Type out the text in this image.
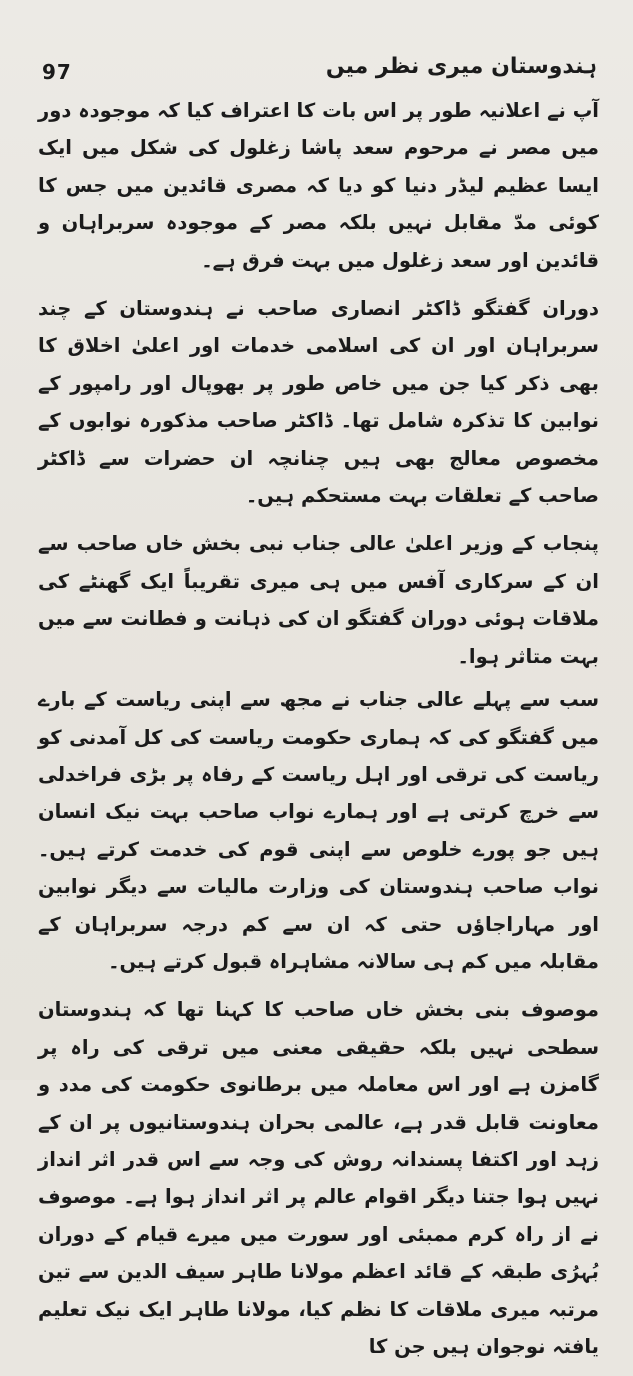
97	ہندوستان میری نظر میں

آپ نے اعلانیہ طور پر اس بات کا اعتراف کیا کہ موجودہ دور میں مصر نے مرحوم سعد پاشا زغلول کی شکل میں ایک ایسا عظیم لیڈر دنیا کو دیا کہ مصری قائدین میں جس کا کوئی مدّ مقابل نہیں بلکہ مصر کے موجودہ سربراہان و قائدین اور سعد زغلول میں بہت فرق ہے۔

دوران گفتگو ڈاکٹر انصاری صاحب نے ہندوستان کے چند سربراہان اور ان کی اسلامی خدمات اور اعلیٰ اخلاق کا بھی ذکر کیا جن میں خاص طور پر بھوپال اور رامپور کے نوابین کا تذکرہ شامل تھا۔ ڈاکٹر صاحب مذکورہ نوابوں کے مخصوص معالج بھی ہیں چنانچہ ان حضرات سے ڈاکٹر صاحب کے تعلقات بہت مستحکم ہیں۔

پنجاب کے وزیر اعلیٰ عالی جناب نبی بخش خاں صاحب سے ان کے سرکاری آفس میں ہی میری تقریباً ایک گھنٹے کی ملاقات ہوئی دوران گفتگو ان کی ذہانت و فطانت سے میں بہت متاثر ہوا۔

سب سے پہلے عالی جناب نے مجھ سے اپنی ریاست کے بارے میں گفتگو کی کہ ہماری حکومت ریاست کی کل آمدنی کو ریاست کی ترقی اور اہل ریاست کے رفاہ پر بڑی فراخدلی سے خرچ کرتی ہے اور ہمارے نواب صاحب بہت نیک انسان ہیں جو پورے خلوص سے اپنی قوم کی خدمت کرتے ہیں۔ نواب صاحب ہندوستان کی وزارت مالیات سے دیگر نوابین اور مہاراجاؤں حتی کہ ان سے کم درجہ سربراہان کے مقابلہ میں کم ہی سالانہ مشاہراہ قبول کرتے ہیں۔

موصوف بنی بخش خاں صاحب کا کہنا تھا کہ ہندوستان سطحی نہیں بلکہ حقیقی معنی میں ترقی کی راہ پر گامزن ہے اور اس معاملہ میں برطانوی حکومت کی مدد و معاونت قابل قدر ہے، عالمی بحران ہندوستانیوں پر ان کے زہد اور اکتفا پسندانہ روش کی وجہ سے اس قدر اثر انداز نہیں ہوا جتنا دیگر اقوام عالم پر اثر انداز ہوا ہے۔ موصوف نے از راہ کرم ممبئی اور سورت میں میرے قیام کے دوران بُہرُی طبقہ کے قائد اعظم مولانا طاہر سیف الدین سے تین مرتبہ میری ملاقات کا نظم کیا، مولانا طاہر ایک نیک تعلیم یافتہ نوجوان ہیں جن کا
